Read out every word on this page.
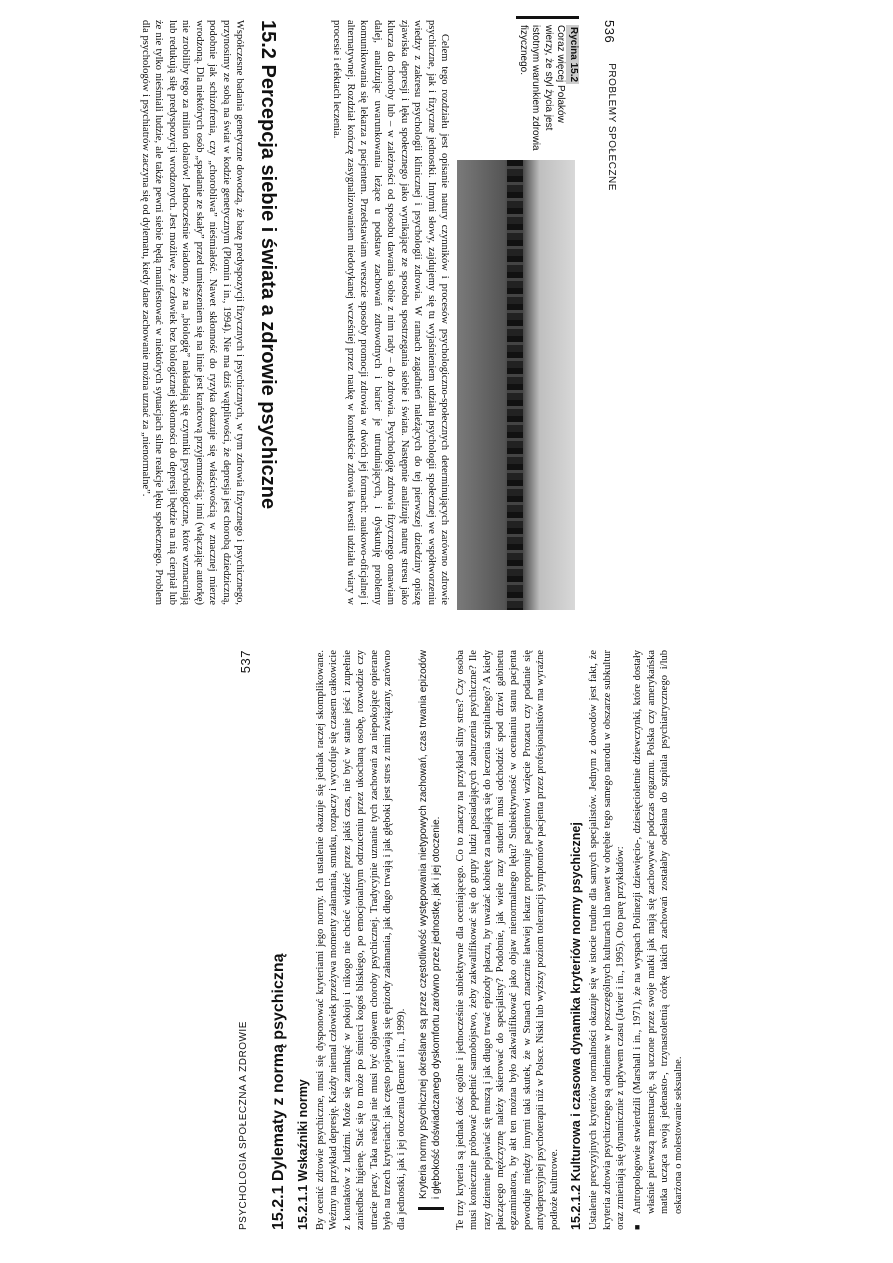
536
PROBLEMY SPOŁECZNE
Rycina 15.2
Coraz więcej Polaków wierzy, że styl życia jest istotnym warunkiem zdrowia fizycznego.

Celem tego rozdziału jest opisanie natury czynników i procesów psychologiczno-społecznych determinujących zarówno zdrowie psychiczne, jak i fizyczne jednostki. Innymi słowy, zajdujemy się tu wyjaśnieniem udziału psychologii społecznej we współtworzeniu wiedzy z zakresu psychologii klinicznej i psychologii zdrowia. W ramach zagadnień należących do tej pierwszej dziedziny opiszę zjawiska depresji i lęku społecznego jako wynikające ze sposobu spostrzegania siebie i świata. Następnie analizuję naturę stresu jako klucza do choroby lub – w zależności od sposobu dawania sobie z nim rady – do zdrowia. Psychologię zdrowia fizycznego omawiam dalej, analizując uwarunkowania leżące u podstaw zachowań zdrowotnych i barier je utrudniających, i dyskutuję problemy komunikowania się lekarza z pacjentem. Przedstawiam wreszcie sposoby promocji zdrowia w dwóch jej formach: naukowo-oficjalnej i alternatywnej. Rozdział kończę zasygnalizowaniem niedotykanej wcześniej przez naukę w kontekście zdrowia kwestii udziału wiary w procesie i efektach leczenia.

15.2 Percepcja siebie i świata a zdrowie psychiczne

Współczesne badania genetyczne dowodzą, że bazę predyspozycji fizycznych i psychicznych, w tym zdrowia fizycznego i psychicznego, przynosimy ze sobą na świat w kodzie genetycznym (Plomin i in., 1994). Nie ma dziś wątpliwości, że depresja jest chorobą dziedziczną, podobnie jak schizofrenia, czy „chorobliwa” nieśmiałość. Nawet skłonność do ryzyka okazuje się właściwością w znacznej mierze wrodzoną. Dla niektórych osób „spadanie ze skały” przed umieszeniem się na linie jest krańcową przyjemnością; inni (włączając autorkę) nie zrobiliby tego za milion dolarów! Jednocześnie wiadomo, że na „biologię” nakładają się czynniki psychologiczne, które wzmacniają lub redukują siłę predyspozycji wrodzonych. Jest możliwe, że człowiek bez biologicznej skłonności do depresji będzie na nią cierpiał lub że nie tylko nieśmiali ludzie, ale także pewni siebie będą manifestować w niektórych sytuacjach silne reakcje lęku społecznego. Problem dla psychologów i psychiatrów zaczyna się od dylematu, kiedy dane zachowanie można uznać za „nienormalne”.

PSYCHOLOGIA SPOŁECZNA A ZDROWIE
537
15.2.1 Dylematy z normą psychiczną 15.2.1.1 Wskaźniki normy By ocenić zdrowie psychiczne, musi się dysponować kryteriami jego normy. Ich ustalenie okazuje się jednak raczej skomplikowane. Weźmy na przykład depresję. Każdy niemal człowiek przeżywa momenty załamania, smutku, rozpaczy i wycofuje się czasem całkowicie z kontaktów z ludźmi. Może się zamknąć w pokoju i nikogo nie chcieć widzieć przez jakiś czas, nie być w stanie jeść i zupełnie zaniedbać higienę. Stać się to może po śmierci kogoś bliskiego, po emocjonalnym odrzuceniu przez ukochaną osobę, rozwodzie czy utracie pracy. Taka reakcja nie musi być objawem choroby psychicznej. Tradycyjnie uznanie tych zachowań za niepokojące opierane było na trzech kryteriach: jak często pojawiają się epizody załamania, jak długo trwają i jak głęboki jest stres z nimi związany, zarówno dla jednostki, jak i jej otoczenia (Benner i in., 1999). Kryteria normy psychicznej określane są przez częstotliwość występowania nietypowych zachowań, czas trwania epizodów i głębokość doświadczanego dyskomfortu zarówno przez jednostkę, jak i jej otoczenie. Te trzy kryteria są jednak dość ogólne i jednocześnie subiektywne dla oceniającego. Co to znaczy na przykład silny stres? Czy osoba musi koniecznie próbować popełnić samobójstwo, żeby zakwalifikować się do grupy ludzi posiadających zaburzenia psychiczne? Ile razy dziennie pojawiać się muszą i jak długo trwać epizody płaczu, by uważać kobietę za nadającą się do leczenia szpitalnego? A kiedy płaczącego mężczyznę należy skierować do specjalisty? Podobnie, jak wiele razy student musi odchodzić spod drzwi gabinetu egzaminatora, by akt ten można było zakwalifikować jako objaw nienormalnego lęku? Subiektywność w ocenianiu stanu pacjenta powoduje między innymi taki skutek, że w Stanach znacznie łatwiej lekarz proponuje pacjentowi wzięcie Prozacu czy podanie się antydepresyjnej psychoterapii niż w Polsce. Niski lub wyższy poziom tolerancji symptomów pacjenta przez profesjonalistów ma wyraźne podłoże kulturowe. 15.2.1.2 Kulturowa i czasowa dynamika kryteriów normy psychicznej Ustalenie precyzyjnych kryteriów normalności okazuje się w istocie trudne dla samych specjalistów. Jednym z dowodów jest fakt, że kryteria zdrowia psychicznego są odmienne w poszczególnych kulturach lub nawet w obrębie tego samego narodu w obszarze subkultur oraz zmieniają się dynamicznie z upływem czasu (Javier i in., 1995). Oto parę przykładów:

■ Antropologowie stwierdzili (Marshall i in., 1971), że na wyspach Polinezji dziewięcio-, dziesięcioletnie dziewczynki, które dostały właśnie pierwszą menstruację, są uczone przez swoje matki jak mają się zachowywać podczas orgazmu. Polska czy amerykańska matka ucząca swoją jedenasto-, trzynastoletnią córkę takich zachowań zostałaby odesłana do szpitala psychiatrycznego i/lub oskarżona o molestowanie seksualne.
